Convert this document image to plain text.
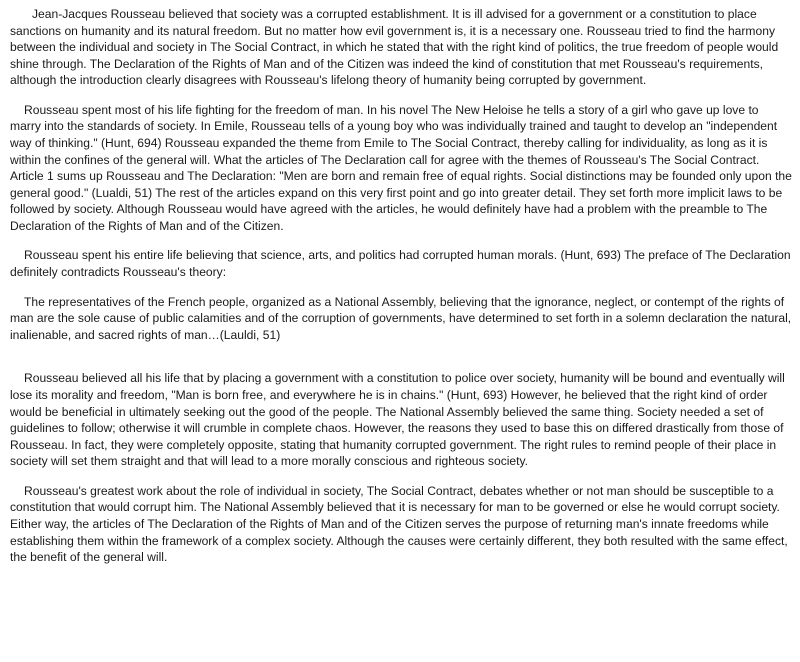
Jean-Jacques Rousseau believed that society was a corrupted establishment. It is ill advised for a government or a constitution to place sanctions on humanity and its natural freedom. But no matter how evil government is, it is a necessary one. Rousseau tried to find the harmony between the individual and society in The Social Contract, in which he stated that with the right kind of politics, the true freedom of people would shine through. The Declaration of the Rights of Man and of the Citizen was indeed the kind of constitution that met Rousseau's requirements, although the introduction clearly disagrees with Rousseau's lifelong theory of humanity being corrupted by government.

Rousseau spent most of his life fighting for the freedom of man. In his novel The New Heloise he tells a story of a girl who gave up love to marry into the standards of society. In Emile, Rousseau tells of a young boy who was individually trained and taught to develop an "independent way of thinking." (Hunt, 694) Rousseau expanded the theme from Emile to The Social Contract, thereby calling for individuality, as long as it is within the confines of the general will. What the articles of The Declaration call for agree with the themes of Rousseau's The Social Contract. Article 1 sums up Rousseau and The Declaration: "Men are born and remain free of equal rights. Social distinctions may be founded only upon the general good." (Lualdi, 51) The rest of the articles expand on this very first point and go into greater detail. They set forth more implicit laws to be followed by society. Although Rousseau would have agreed with the articles, he would definitely have had a problem with the preamble to The Declaration of the Rights of Man and of the Citizen.

Rousseau spent his entire life believing that science, arts, and politics had corrupted human morals. (Hunt, 693) The preface of The Declaration definitely contradicts Rousseau's theory:

The representatives of the French people, organized as a National Assembly, believing that the ignorance, neglect, or contempt of the rights of man are the sole cause of public calamities and of the corruption of governments, have determined to set forth in a solemn declaration the natural, inalienable, and sacred rights of man…(Lauldi, 51)

Rousseau believed all his life that by placing a government with a constitution to police over society, humanity will be bound and eventually will lose its morality and freedom, "Man is born free, and everywhere he is in chains." (Hunt, 693) However, he believed that the right kind of order would be beneficial in ultimately seeking out the good of the people. The National Assembly believed the same thing. Society needed a set of guidelines to follow; otherwise it will crumble in complete chaos. However, the reasons they used to base this on differed drastically from those of Rousseau. In fact, they were completely opposite, stating that humanity corrupted government. The right rules to remind people of their place in society will set them straight and that will lead to a more morally conscious and righteous society.

Rousseau's greatest work about the role of individual in society, The Social Contract, debates whether or not man should be susceptible to a constitution that would corrupt him. The National Assembly believed that it is necessary for man to be governed or else he would corrupt society. Either way, the articles of The Declaration of the Rights of Man and of the Citizen serves the purpose of returning man's innate freedoms while establishing them within the framework of a complex society. Although the causes were certainly different, they both resulted with the same effect, the benefit of the general will.
